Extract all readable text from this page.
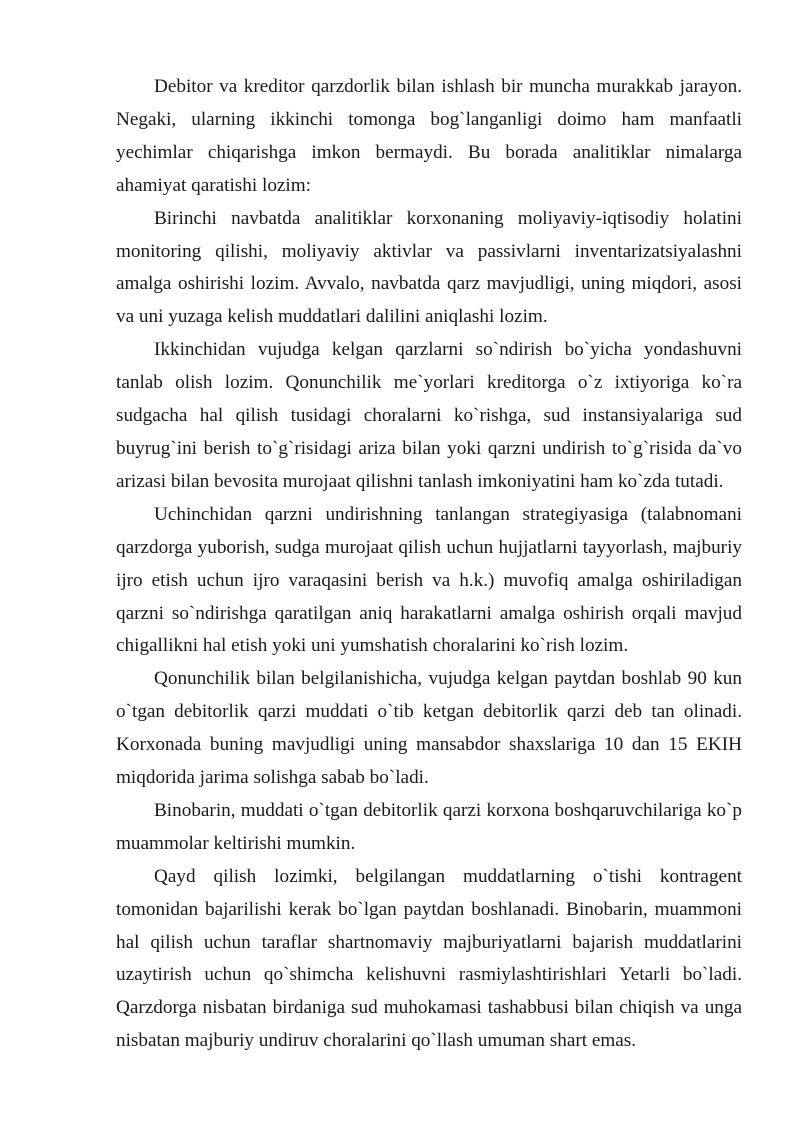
Debitor va kreditor qarzdorlik bilan ishlash bir muncha murakkab jarayon. Negaki, ularning ikkinchi tomonga bog`langanligi doimo ham manfaatli yechimlar chiqarishga imkon bermaydi. Bu borada analitiklar nimalarga ahamiyat qaratishi lozim:

Birinchi navbatda analitiklar korxonaning moliyaviy-iqtisodiy holatini monitoring qilishi, moliyaviy aktivlar va passivlarni inventarizatsiyalashni amalga oshirishi lozim. Avvalo, navbatda qarz mavjudligi, uning miqdori, asosi va uni yuzaga kelish muddatlari dalilini aniqlashi lozim.

Ikkinchidan vujudga kelgan qarzlarni so`ndirish bo`yicha yondashuvni tanlab olish lozim. Qonunchilik me`yorlari kreditorga o`z ixtiyoriga ko`ra sudgacha hal qilish tusidagi choralarni ko`rishga, sud instansiyalariga sud buyrug`ini berish to`g`risidagi ariza bilan yoki qarzni undirish to`g`risida da`vo arizasi bilan bevosita murojaat qilishni tanlash imkoniyatini ham ko`zda tutadi.

Uchinchidan qarzni undirishning tanlangan strategiyasiga (talabnomani qarzdorga yuborish, sudga murojaat qilish uchun hujjatlarni tayyorlash, majburiy ijro etish uchun ijro varaqasini berish va h.k.) muvofiq amalga oshiriladigan qarzni so`ndirishga qaratilgan aniq harakatlarni amalga oshirish orqali mavjud chigallikni hal etish yoki uni yumshatish choralarini ko`rish lozim.

Qonunchilik bilan belgilanishicha, vujudga kelgan paytdan boshlab 90 kun o`tgan debitorlik qarzi muddati o`tib ketgan debitorlik qarzi deb tan olinadi. Korxonada buning mavjudligi uning mansabdor shaxslariga 10 dan 15 EKIH miqdorida jarima solishga sabab bo`ladi.

Binobarin, muddati o`tgan debitorlik qarzi korxona boshqaruvchilariga ko`p muammolar keltirishi mumkin.

Qayd qilish lozimki, belgilangan muddatlarning o`tishi kontragent tomonidan bajarilishi kerak bo`lgan paytdan boshlanadi. Binobarin, muammoni hal qilish uchun taraflar shartnomaviy majburiyatlarni bajarish muddatlarini uzaytirish uchun qo`shimcha kelishuvni rasmiylashtirishlari Yetarli bo`ladi. Qarzdorga nisbatan birdaniga sud muhokamasi tashabbusi bilan chiqish va unga nisbatan majburiy undiruv choralarini qo`llash umuman shart emas.
